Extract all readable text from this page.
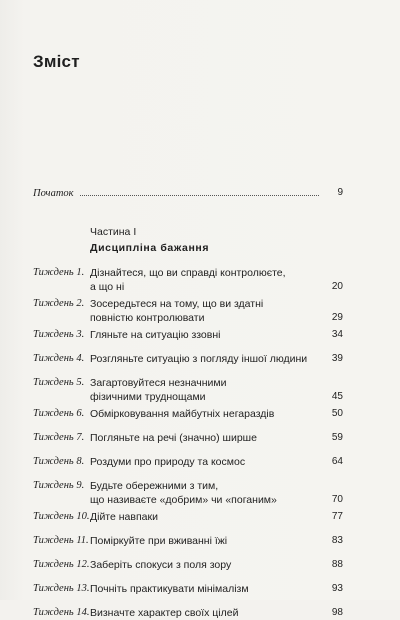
Зміст
Початок	9
Частина I
Дисципліна бажання
Тиждень 1. Дізнайтеся, що ви справді контролюєте,
а що ні	20
Тиждень 2. Зосередьтеся на тому, що ви здатні
повністю контролювати	29
Тиждень 3. Гляньте на ситуацію ззовні	34
Тиждень 4. Розгляньте ситуацію з погляду іншої людини	39
Тиждень 5. Загартовуйтеся незначними
фізичними труднощами	45
Тиждень 6. Обмірковування майбутніх негараздів	50
Тиждень 7. Погляньте на речі (значно) ширше	59
Тиждень 8. Роздуми про природу та космос	64
Тиждень 9. Будьте обережними з тим,
що називаєте «добрим» чи «поганим»	70
Тиждень 10. Дійте навпаки	77
Тиждень 11. Поміркуйте при вживанні їжі	83
Тиждень 12. Заберіть спокуси з поля зору	88
Тиждень 13. Почніть практикувати мінімалізм	93
Тиждень 14. Визначте характер своїх цілей	98
